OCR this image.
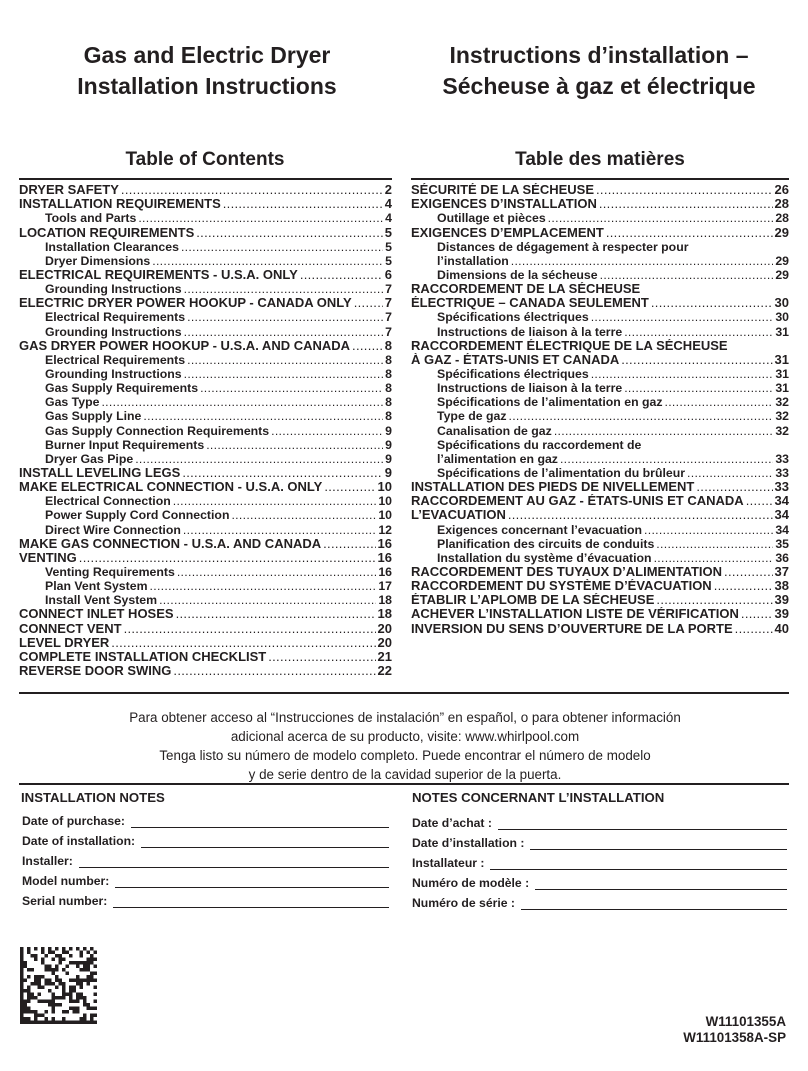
Gas and Electric Dryer
Installation Instructions
Instructions d’installation –
Sécheuse à gaz et électrique
Table of Contents	Table des matières
DRYER SAFETY .....	2
INSTALLATION REQUIREMENTS .....	4
Tools and Parts .....	4
LOCATION REQUIREMENTS .....	5
Installation Clearances .....	5
Dryer Dimensions .....	5
ELECTRICAL REQUIREMENTS - U.S.A. ONLY .....	6
Grounding Instructions .....	7
ELECTRIC DRYER POWER HOOKUP - CANADA ONLY .....	7
Electrical Requirements .....	7
Grounding Instructions .....	7
GAS DRYER POWER HOOKUP - U.S.A. AND CANADA .....	8
Electrical Requirements .....	8
Grounding Instructions .....	8
Gas Supply Requirements .....	8
Gas Type .....	8
Gas Supply Line .....	8
Gas Supply Connection Requirements .....	9
Burner Input Requirements .....	9
Dryer Gas Pipe .....	9
INSTALL LEVELING LEGS .....	9
MAKE ELECTRICAL CONNECTION - U.S.A. ONLY .....	10
Electrical Connection .....	10
Power Supply Cord Connection .....	10
Direct Wire Connection .....	12
MAKE GAS CONNECTION - U.S.A. AND CANADA .....	16
VENTING .....	16
Venting Requirements .....	16
Plan Vent System .....	17
Install Vent System .....	18
CONNECT INLET HOSES .....	18
CONNECT VENT .....	20
LEVEL DRYER .....	20
COMPLETE INSTALLATION CHECKLIST .....	21
REVERSE DOOR SWING .....	22
SÉCURITÉ DE LA SÉCHEUSE .....	26
EXIGENCES D’INSTALLATION .....	28
Outillage et pièces .....	28
EXIGENCES D’EMPLACEMENT .....	29
Distances de dégagement à respecter pour
l’installation .....	29
Dimensions de la sécheuse .....	29
RACCORDEMENT DE LA SÉCHEUSE
ÉLECTRIQUE – CANADA SEULEMENT .....	30
Spécifications électriques .....	30
Instructions de liaison à la terre .....	31
RACCORDEMENT ÉLECTRIQUE DE LA SÉCHEUSE
À GAZ - ÉTATS-UNIS ET CANADA .....	31
Spécifications électriques .....	31
Instructions de liaison à la terre .....	31
Spécifications de l’alimentation en gaz .....	32
Type de gaz .....	32
Canalisation de gaz .....	32
Spécifications du raccordement de
l’alimentation en gaz .....	33
Spécifications de l’alimentation du brûleur .....	33
INSTALLATION DES PIEDS DE NIVELLEMENT .....	33
RACCORDEMENT AU GAZ - ÉTATS-UNIS ET CANADA ..... 34
L’EVACUATION .....	34
Exigences concernant l’evacuation .....	34
Planification des circuits de conduits .....	35
Installation du système d’évacuation .....	36
RACCORDEMENT DES TUYAUX D’ALIMENTATION .....	37
RACCORDEMENT DU SYSTÈME D’ÉVACUATION .....	38
ÉTABLIR L’APLOMB DE LA SÉCHEUSE .....	39
ACHEVER L’INSTALLATION LISTE DE VÉRIFICATION .....	39
INVERSION DU SENS D’OUVERTURE DE LA PORTE .....	40

Para obtener acceso al “Instrucciones de instalación” en español, o para obtener información
adicional acerca de su producto, visite: www.whirlpool.com
Tenga listo su número de modelo completo. Puede encontrar el número de modelo
y de serie dentro de la cavidad superior de la puerta.

INSTALLATION NOTES	NOTES CONCERNANT L’INSTALLATION
Date of purchase:
Date of installation:
Installer:
Model number:
Serial number:
Date d’achat :
Date d’installation :
Installateur :
Numéro de modèle :
Numéro de série :
W11101355A
W11101358A-SP
